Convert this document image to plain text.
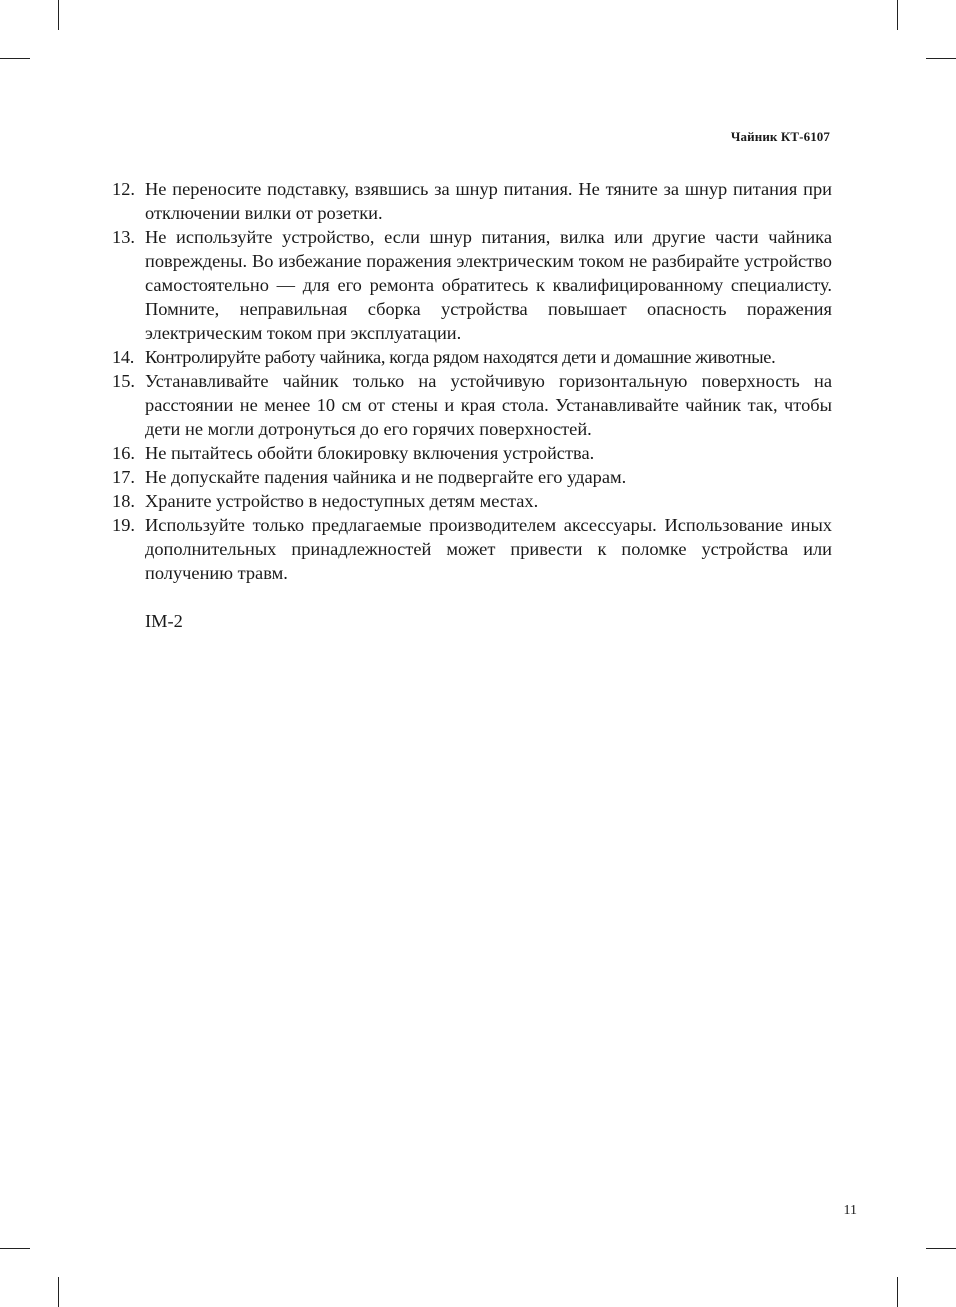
Чайник КТ-6107
12. Не переносите подставку, взявшись за шнур питания. Не тяните за шнур питания при отключении вилки от розетки.
13. Не используйте устройство, если шнур питания, вилка или другие части чайника повреждены. Во избежание поражения электрическим током не разбирайте устройство самостоятельно — для его ремонта обратитесь к квалифицированному специалисту. Помните, неправильная сборка устройства повышает опасность поражения электрическим током при эксплуатации.
14. Контролируйте работу чайника, когда рядом находятся дети и домашние животные.
15. Устанавливайте чайник только на устойчивую горизонтальную поверхность на расстоянии не менее 10 см от стены и края стола. Устанавливайте чайник так, чтобы дети не могли дотронуться до его горячих поверхностей.
16. Не пытайтесь обойти блокировку включения устройства.
17. Не допускайте падения чайника и не подвергайте его ударам.
18. Храните устройство в недоступных детям местах.
19. Используйте только предлагаемые производителем аксессуары. Использование иных дополнительных принадлежностей может привести к поломке устройства или получению травм.
IM-2
11
